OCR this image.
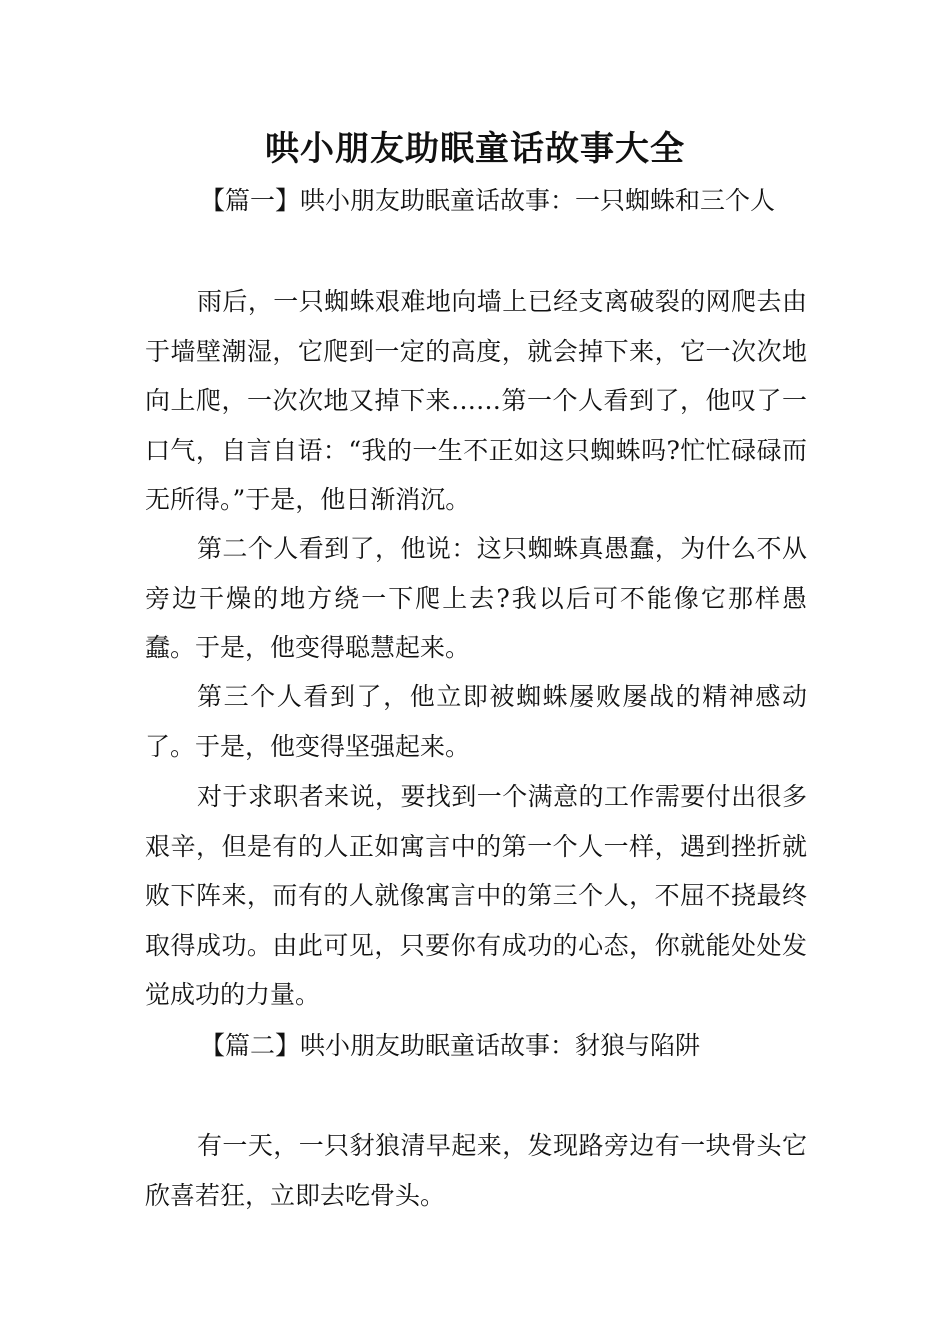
哄小朋友助眠童话故事大全
【篇一】哄小朋友助眠童话故事：一只蜘蛛和三个人
雨后，一只蜘蛛艰难地向墙上已经支离破裂的网爬去由于墙壁潮湿，它爬到一定的高度，就会掉下来，它一次次地向上爬，一次次地又掉下来……第一个人看到了，他叹了一口气，自言自语：“我的一生不正如这只蜘蛛吗?忙忙碌碌而无所得。”于是，他日渐消沉。
第二个人看到了，他说：这只蜘蛛真愚蠢，为什么不从旁边干燥的地方绕一下爬上去?我以后可不能像它那样愚蠢。于是，他变得聪慧起来。
第三个人看到了，他立即被蜘蛛屡败屡战的精神感动了。于是，他变得坚强起来。
对于求职者来说，要找到一个满意的工作需要付出很多艰辛，但是有的人正如寓言中的第一个人一样，遇到挫折就败下阵来，而有的人就像寓言中的第三个人，不屈不挠最终取得成功。由此可见，只要你有成功的心态，你就能处处发觉成功的力量。
【篇二】哄小朋友助眠童话故事：豺狼与陷阱
有一天，一只豺狼清早起来，发现路旁边有一块骨头它欣喜若狂，立即去吃骨头。
